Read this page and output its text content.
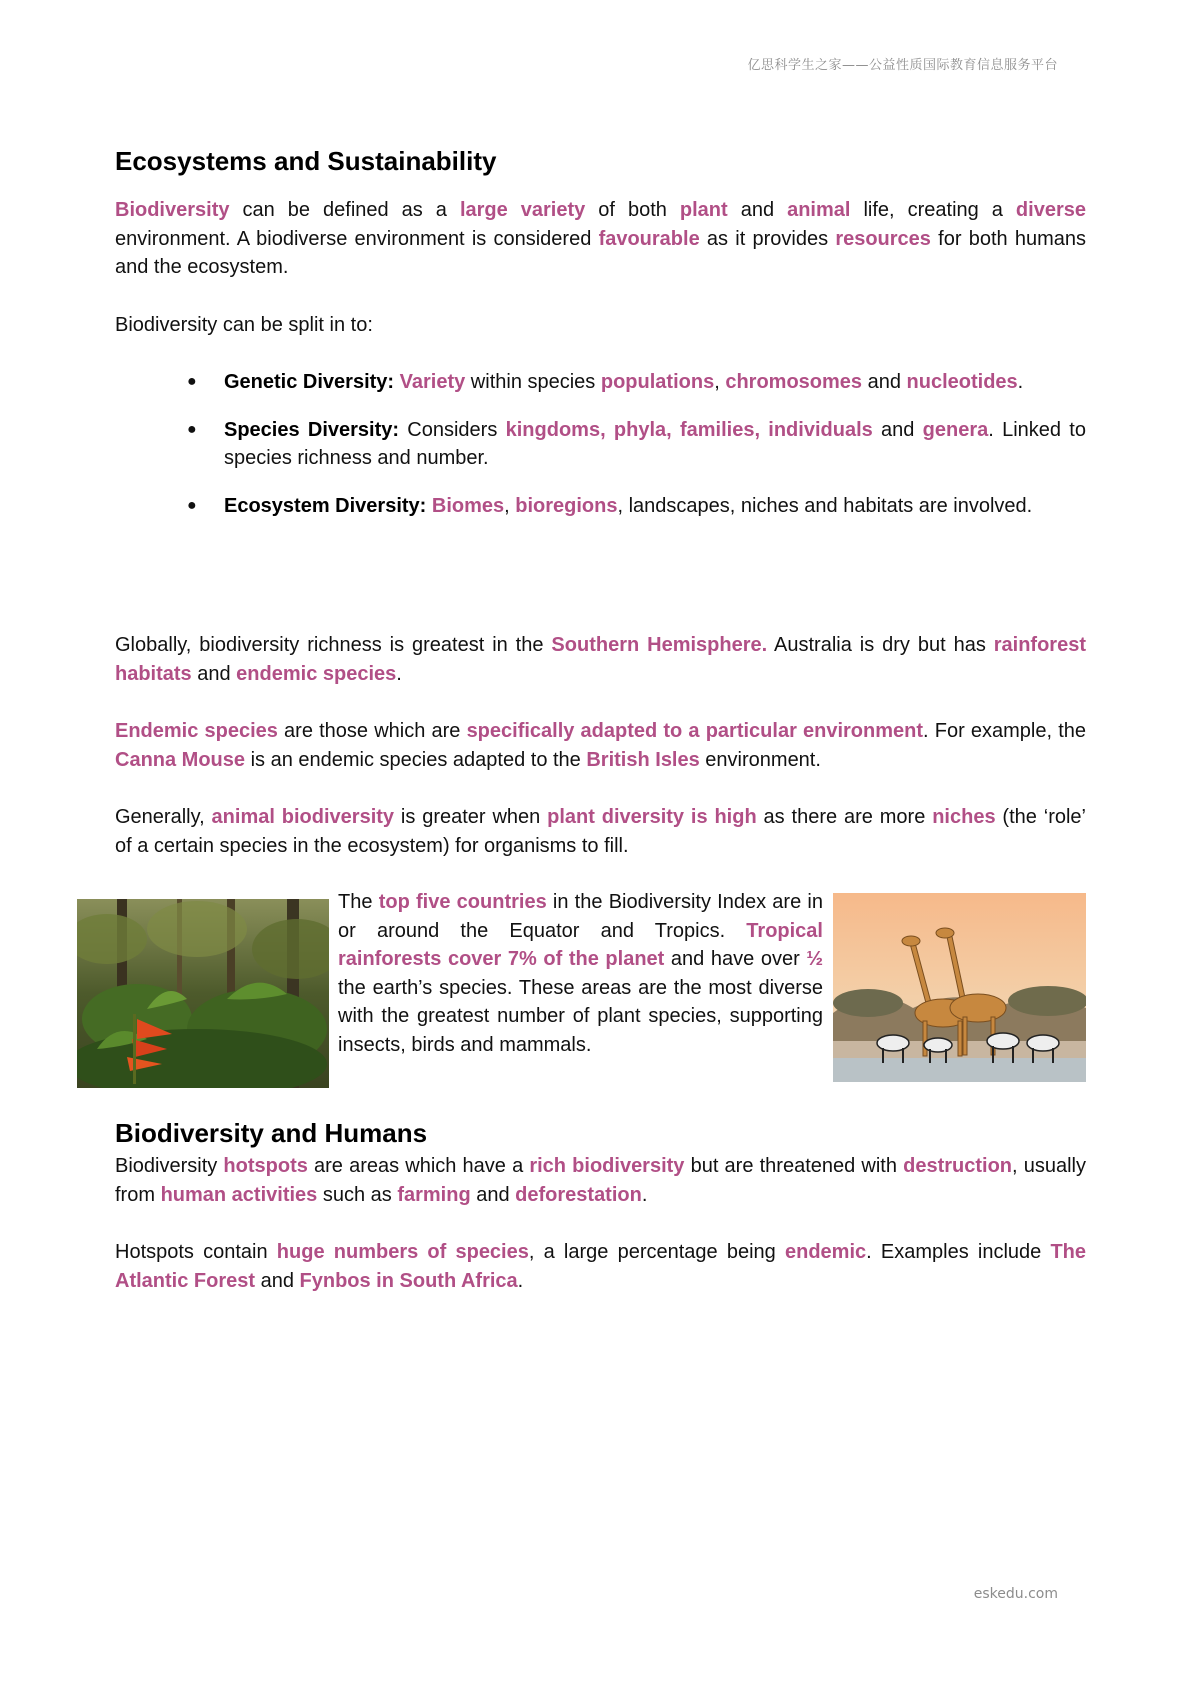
亿思科学生之家——公益性质国际教育信息服务平台
Ecosystems and Sustainability

Biodiversity can be defined as a large variety of both plant and animal life, creating a diverse environment. A biodiverse environment is considered favourable as it provides resources for both humans and the ecosystem.

Biodiversity can be split in to:

● Genetic Diversity: Variety within species populations, chromosomes and nucleotides.
● Species Diversity: Considers kingdoms, phyla, families, individuals and genera. Linked to species richness and number.
● Ecosystem Diversity: Biomes, bioregions, landscapes, niches and habitats are involved.

Globally, biodiversity richness is greatest in the Southern Hemisphere. Australia is dry but has rainforest habitats and endemic species.

Endemic species are those which are specifically adapted to a particular environment. For example, the Canna Mouse is an endemic species adapted to the British Isles environment.

Generally, animal biodiversity is greater when plant diversity is high as there are more niches (the ‘role’ of a certain species in the ecosystem) for organisms to fill.

The top five countries in the Biodiversity Index are in or around the Equator and Tropics. Tropical rainforests cover 7% of the planet and have over ½ the earth’s species. These areas are the most diverse with the greatest number of plant species, supporting insects, birds and mammals.

Biodiversity and Humans

Biodiversity hotspots are areas which have a rich biodiversity but are threatened with destruction, usually from human activities such as farming and deforestation.

Hotspots contain huge numbers of species, a large percentage being endemic. Examples include The Atlantic Forest and Fynbos in South Africa.

eskedu.com
